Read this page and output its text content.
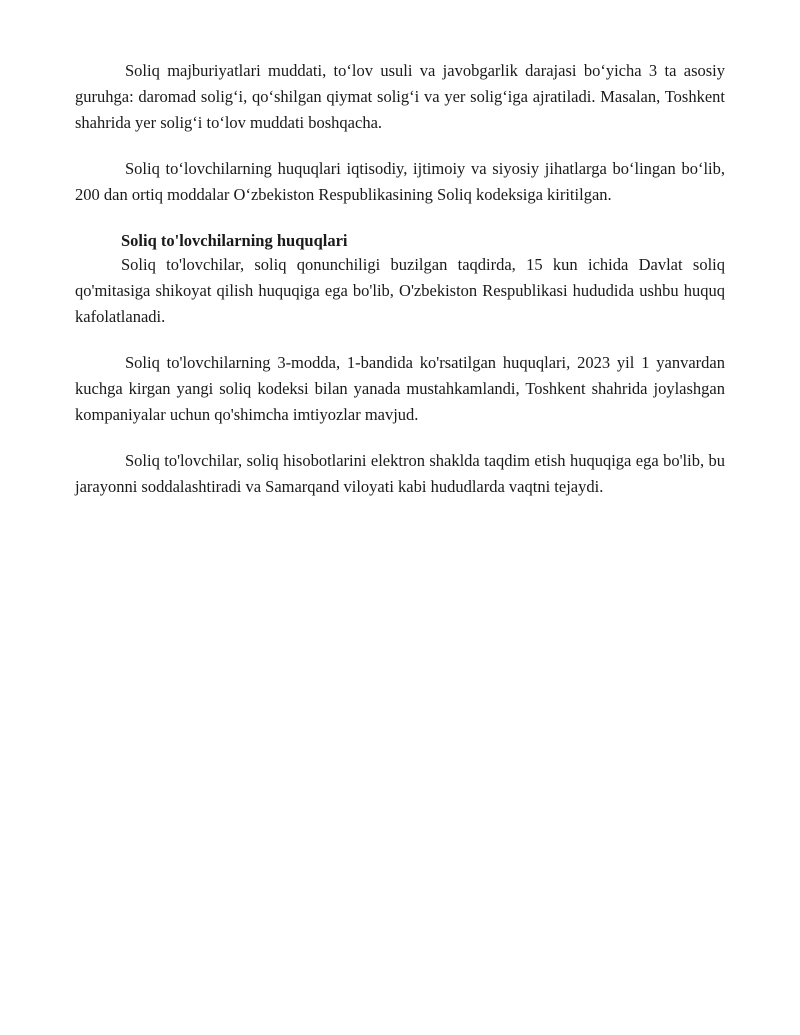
Soliq majburiyatlari muddati, to‘lov usuli va javobgarlik darajasi bo‘yicha 3 ta asosiy guruhga: daromad solig‘i, qo‘shilgan qiymat solig‘i va yer solig‘iga ajratiladi. Masalan, Toshkent shahrida yer solig‘i to‘lov muddati boshqacha.

Soliq to‘lovchilarning huquqlari iqtisodiy, ijtimoiy va siyosiy jihatlarga bo‘lingan bo‘lib, 200 dan ortiq moddalar O‘zbekiston Respublikasining Soliq kodeksiga kiritilgan.

Soliq to'lovchilarning huquqlari

Soliq to'lovchilar, soliq qonunchiligi buzilgan taqdirda, 15 kun ichida Davlat soliq qo'mitasiga shikoyat qilish huquqiga ega bo'lib, O'zbekiston Respublikasi hududida ushbu huquq kafolatlanadi.

Soliq to'lovchilarning 3-modda, 1-bandida ko'rsatilgan huquqlari, 2023 yil 1 yanvardan kuchga kirgan yangi soliq kodeksi bilan yanada mustahkamlandi, Toshkent shahrida joylashgan kompaniyalar uchun qo'shimcha imtiyozlar mavjud.

Soliq to'lovchilar, soliq hisobotlarini elektron shaklda taqdim etish huquqiga ega bo'lib, bu jarayonni soddalashtiradi va Samarqand viloyati kabi hududlarda vaqtni tejaydi.
